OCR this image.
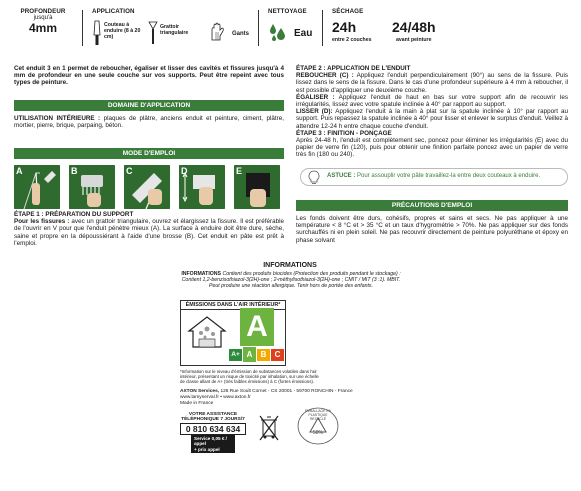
PROFONDEUR
jusqu'à
4mm
APPLICATION
Couteau à enduire (8 à 20 cm)
Grattoir triangulaire	Gants
NETTOYAGE
Eau
SÉCHAGE
24h
entre 2 couches
24/48h
avant peinture
Cet enduit 3 en 1 permet de reboucher, égaliser et lisser des cavités et fissures jusqu'à 4 mm de profondeur en une seule couche sur vos supports. Peut être repeint avec tous types de peinture.
DOMAINE D'APPLICATION
UTILISATION INTÉRIEURE : plaques de plâtre, anciens enduit et peinture, ciment, plâtre, mortier, pierre, brique, parpaing, béton.
MODE D'EMPLOI
A	B	C	D	E
ÉTAPE 1 : PRÉPARATION DU SUPPORT
Pour les fissures : avec un grattoir triangulaire, ouvrez et élargissez la fissure. Il est préférable de l'ouvrir en V pour que l'enduit pénètre mieux (A). La surface à enduire doit être dure, sèche, saine et propre en la dépoussiérant à l'aide d'une brosse (B). Cet enduit en pâte est prêt à l'emploi.
ÉTAPE 2 : APPLICATION DE L'ENDUIT
REBOUCHER (C) : Appliquez l'enduit perpendiculairement (90°) au sens de la fissure. Puis lissez dans le sens de la fissure. Dans le cas d'une profondeur supérieure à 4 mm à reboucher, il est possible d'appliquer une deuxième couche.
ÉGALISER : Appliquez l'enduit de haut en bas sur votre support afin de recouvrir les irrégularités, lissez avec votre spatule inclinée à 40° par rapport au support.
LISSER (D): Appliquez l'enduit à la main à plat sur la spatule inclinée à 10° par rapport au support. Puis repassez la spatule inclinée à 40° pour lisser et enlever le surplus d'enduit. Veillez à attendre 12-24 h entre chaque couche d'enduit.
ÉTAPE 3 : FINITION - PONÇAGE
Après 24-48 h, l'enduit est complètement sec, poncez pour éliminer les irrégularités (E) avec du papier de verre fin (120), puis pour obtenir une finition parfaite poncez avec un papier de verre très fin (180 ou 240).
ASTUCE : Pour assouplir votre pâte travaillez-la entre deux couteaux à enduire.
PRÉCAUTIONS D'EMPLOI
Les fonds doivent être durs, cohésifs, propres et sains et secs. Ne pas appliquer à une température < 8 °C et > 35 °C et un taux d'hygrométrie > 70%. Ne pas appliquer sur des fonds surchauffés ni en plein soleil. Ne pas recouvrir directement de peinture polyuréthane et époxy en phase solvant
INFORMATIONS
INFORMATIONS Contient des produits biocides (Protection des produits pendant le stockage) : Contient 1,2-benzisothiazol-3(2H)-one ; 2-méthylisothiazol-3(2H)-one ; CMIT / MIT (3 :1). MBIT. Peut produire une réaction allergique. Tenir hors de portée des enfants.
ÉMISSIONS DANS L'AIR INTÉRIEUR*
A
A+ A	B	C
*Information sur le niveau d'émission de substances volatiles dans l'air intérieur, présentant un risque de toxicité par inhalation, sur une échelle de classe allant de A+ (très faibles émissions) à C (fortes émissions).
AXTON Services, 125 Rue Soult Cornet - CS 20001 - 59700 RONCHIN - France
www.lamynerval.fr • www.axton.fr
Made in France
VOTRE ASSISTANCE
TÉLÉPHONIQUE 7 JOURS/7
0 810 634 634
Service 0,05 € / appel
+ prix appel
EMBALLAGE EN PLASTIQUE RECYCLÉ
50%
